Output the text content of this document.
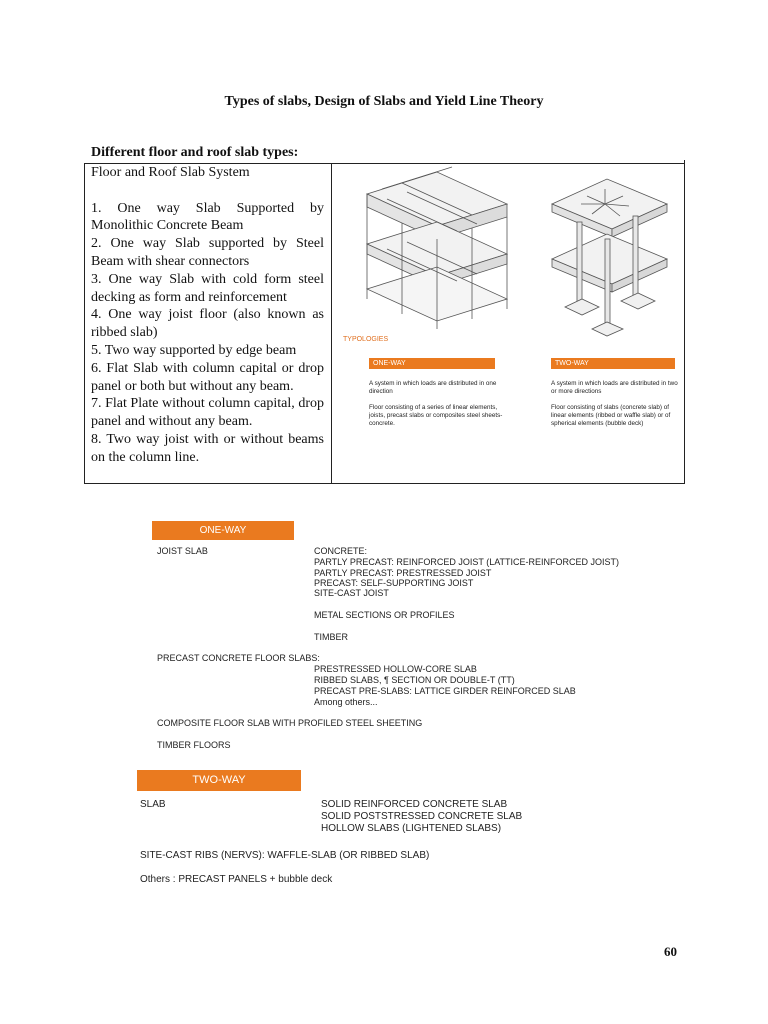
Types of slabs, Design of Slabs and Yield Line Theory
Different floor and roof slab types:

Floor and Roof Slab System

1. One way Slab Supported by Monolithic Concrete Beam

2. One way Slab supported by Steel Beam with shear connectors

3. One way Slab with cold form steel decking as form and reinforcement

4. One way joist floor (also known as ribbed slab)

5. Two way supported by edge beam

6. Flat Slab with column capital or drop panel or both but without any beam.

7. Flat Plate without column capital, drop panel and without any beam.

8. Two way joist with or without beams on the column line.

TYPOLOGIES
ONE-WAY
A system in which loads are distributed in one direction
Floor consisting of a series of linear elements, joists, precast slabs or composites steel sheets-concrete.
TWO-WAY
A system in which loads are distributed in two or more directions
Floor consisting of slabs (concrete slab) of linear elements (ribbed or waffle slab) or of spherical elements (bubble deck)
ONE-WAY
JOIST SLAB	CONCRETE:
PARTLY PRECAST: REINFORCED JOIST (LATTICE-REINFORCED JOIST)
PARTLY PRECAST: PRESTRESSED JOIST
PRECAST: SELF-SUPPORTING JOIST
SITE-CAST JOIST
METAL SECTIONS OR PROFILES
TIMBER
PRECAST CONCRETE FLOOR SLABS:
PRESTRESSED HOLLOW-CORE SLAB
RIBBED SLABS, ¶ SECTION OR DOUBLE-T (TT)
PRECAST PRE-SLABS: LATTICE GIRDER REINFORCED SLAB
Among others...
COMPOSITE FLOOR SLAB WITH PROFILED STEEL SHEETING
TIMBER FLOORS
TWO-WAY
SLAB	SOLID REINFORCED CONCRETE SLAB
SOLID POSTSTRESSED CONCRETE SLAB
HOLLOW SLABS (LIGHTENED SLABS)
SITE-CAST RIBS (NERVS): WAFFLE-SLAB (OR RIBBED SLAB)
Others : PRECAST PANELS + bubble deck
60
